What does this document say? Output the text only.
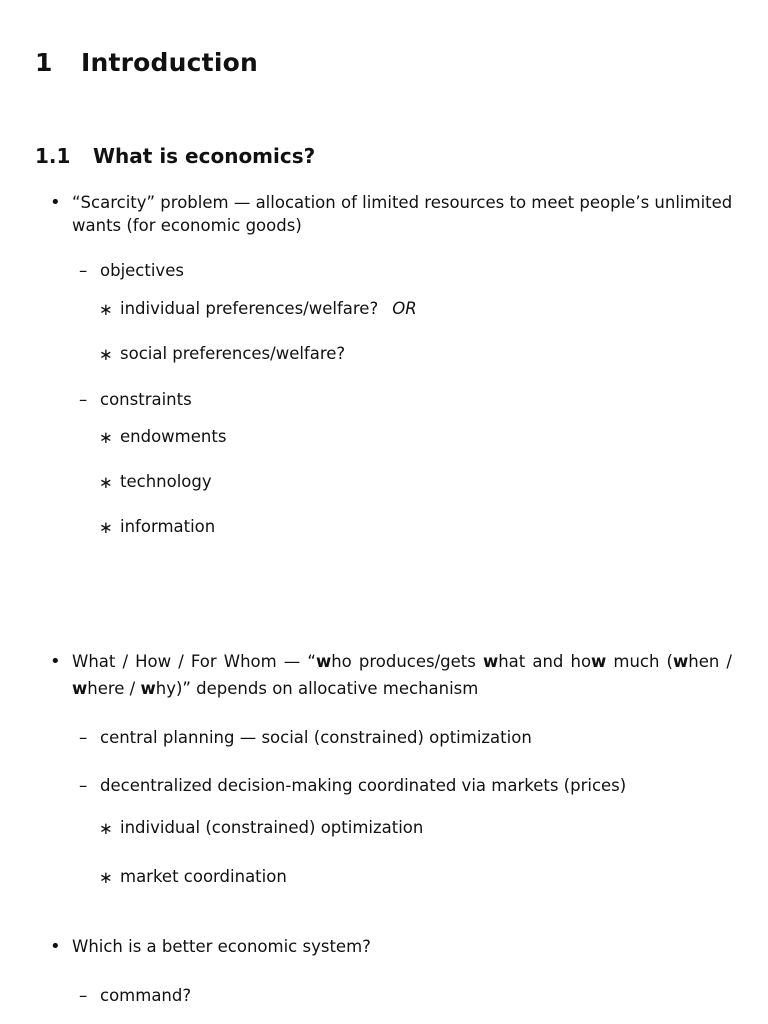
1 Introduction
1.1 What is economics?
• “Scarcity” problem — allocation of limited resources to meet people’s unlimited
wants (for economic goods)
– objectives
∗ individual preferences/welfare? OR
∗ social preferences/welfare?
– constraints
∗ endowments
∗ technology
∗ information
• What / How / For Whom — “who produces/gets what and how much (when /
where / why)” depends on allocative mechanism
– central planning — social (constrained) optimization
– decentralized decision-making coordinated via markets (prices)
∗ individual (constrained) optimization
∗ market coordination
• Which is a better economic system?
– command?
